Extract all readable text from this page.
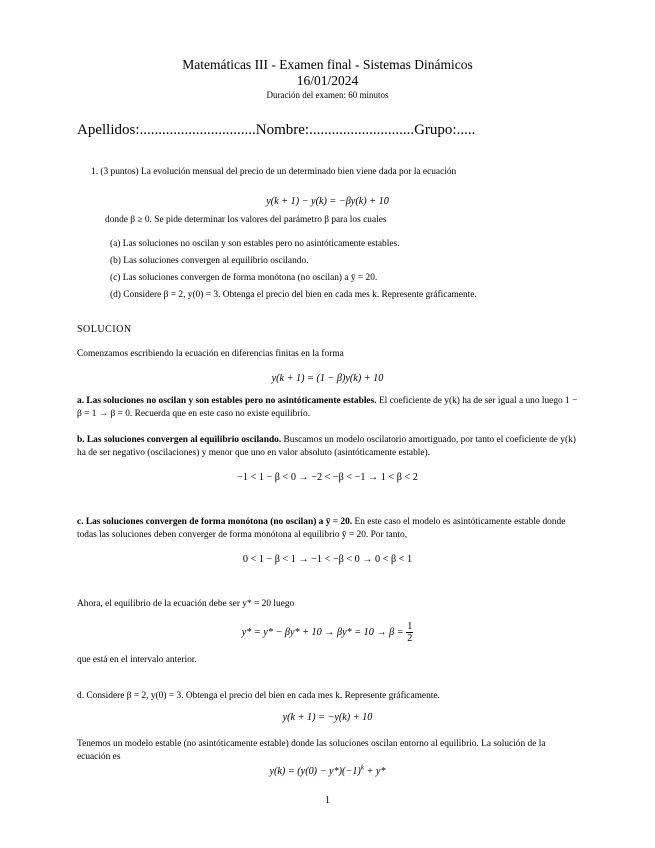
Matemáticas III - Examen final - Sistemas Dinámicos
16/01/2024
Duración del examen: 60 minutos
Apellidos:...............................Nombre:............................Grupo:.....
1. (3 puntos) La evolución mensual del precio de un determinado bien viene dada por la ecuación
y(k + 1) − y(k) = −βy(k) + 10
donde β ≥ 0. Se pide determinar los valores del parámetro β para los cuales
(a) Las soluciones no oscilan y son estables pero no asintóticamente estables.
(b) Las soluciones convergen al equilibrio oscilando.
(c) Las soluciones convergen de forma monótona (no oscilan) a ȳ = 20.
(d) Considere β = 2, y(0) = 3. Obtenga el precio del bien en cada mes k. Represente gráficamente.
SOLUCION
Comenzamos escribiendo la ecuación en diferencias finitas en la forma
y(k + 1) = (1 − β)y(k) + 10
a. Las soluciones no oscilan y son estables pero no asintóticamente estables. El coeficiente de y(k) ha de ser igual a uno luego 1 − β = 1 → β = 0. Recuerda que en este caso no existe equilibrio.
b. Las soluciones convergen al equilibrio oscilando. Buscamos un modelo oscilatorio amortiguado, por tanto el coeficiente de y(k) ha de ser negativo (oscilaciones) y menor que uno en valor absoluto (asintóticamente estable).
−1 < 1 − β < 0 → −2 < −β < −1 → 1 < β < 2
c. Las soluciones convergen de forma monótona (no oscilan) a ȳ = 20. En este caso el modelo es asintóticamente estable donde todas las soluciones deben converger de forma monótona al equilibrio ȳ = 20. Por tanto,
0 < 1 − β < 1 → −1 < −β < 0 → 0 < β < 1
Ahora, el equilibrio de la ecuación debe ser y* = 20 luego
$y* = y* - \beta y* + 10 \to \beta y* = 10 \to \beta = \frac{1}{2}$
que está en el intervalo anterior.
d. Considere β = 2, y(0) = 3. Obtenga el precio del bien en cada mes k. Represente gráficamente.
y(k + 1) = −y(k) + 10
Tenemos un modelo estable (no asintóticamente estable) donde las soluciones oscilan entorno al equilibrio. La solución de la ecuación es
$y(k) = (y(0) - y*)(-1)^k + y*$
1
